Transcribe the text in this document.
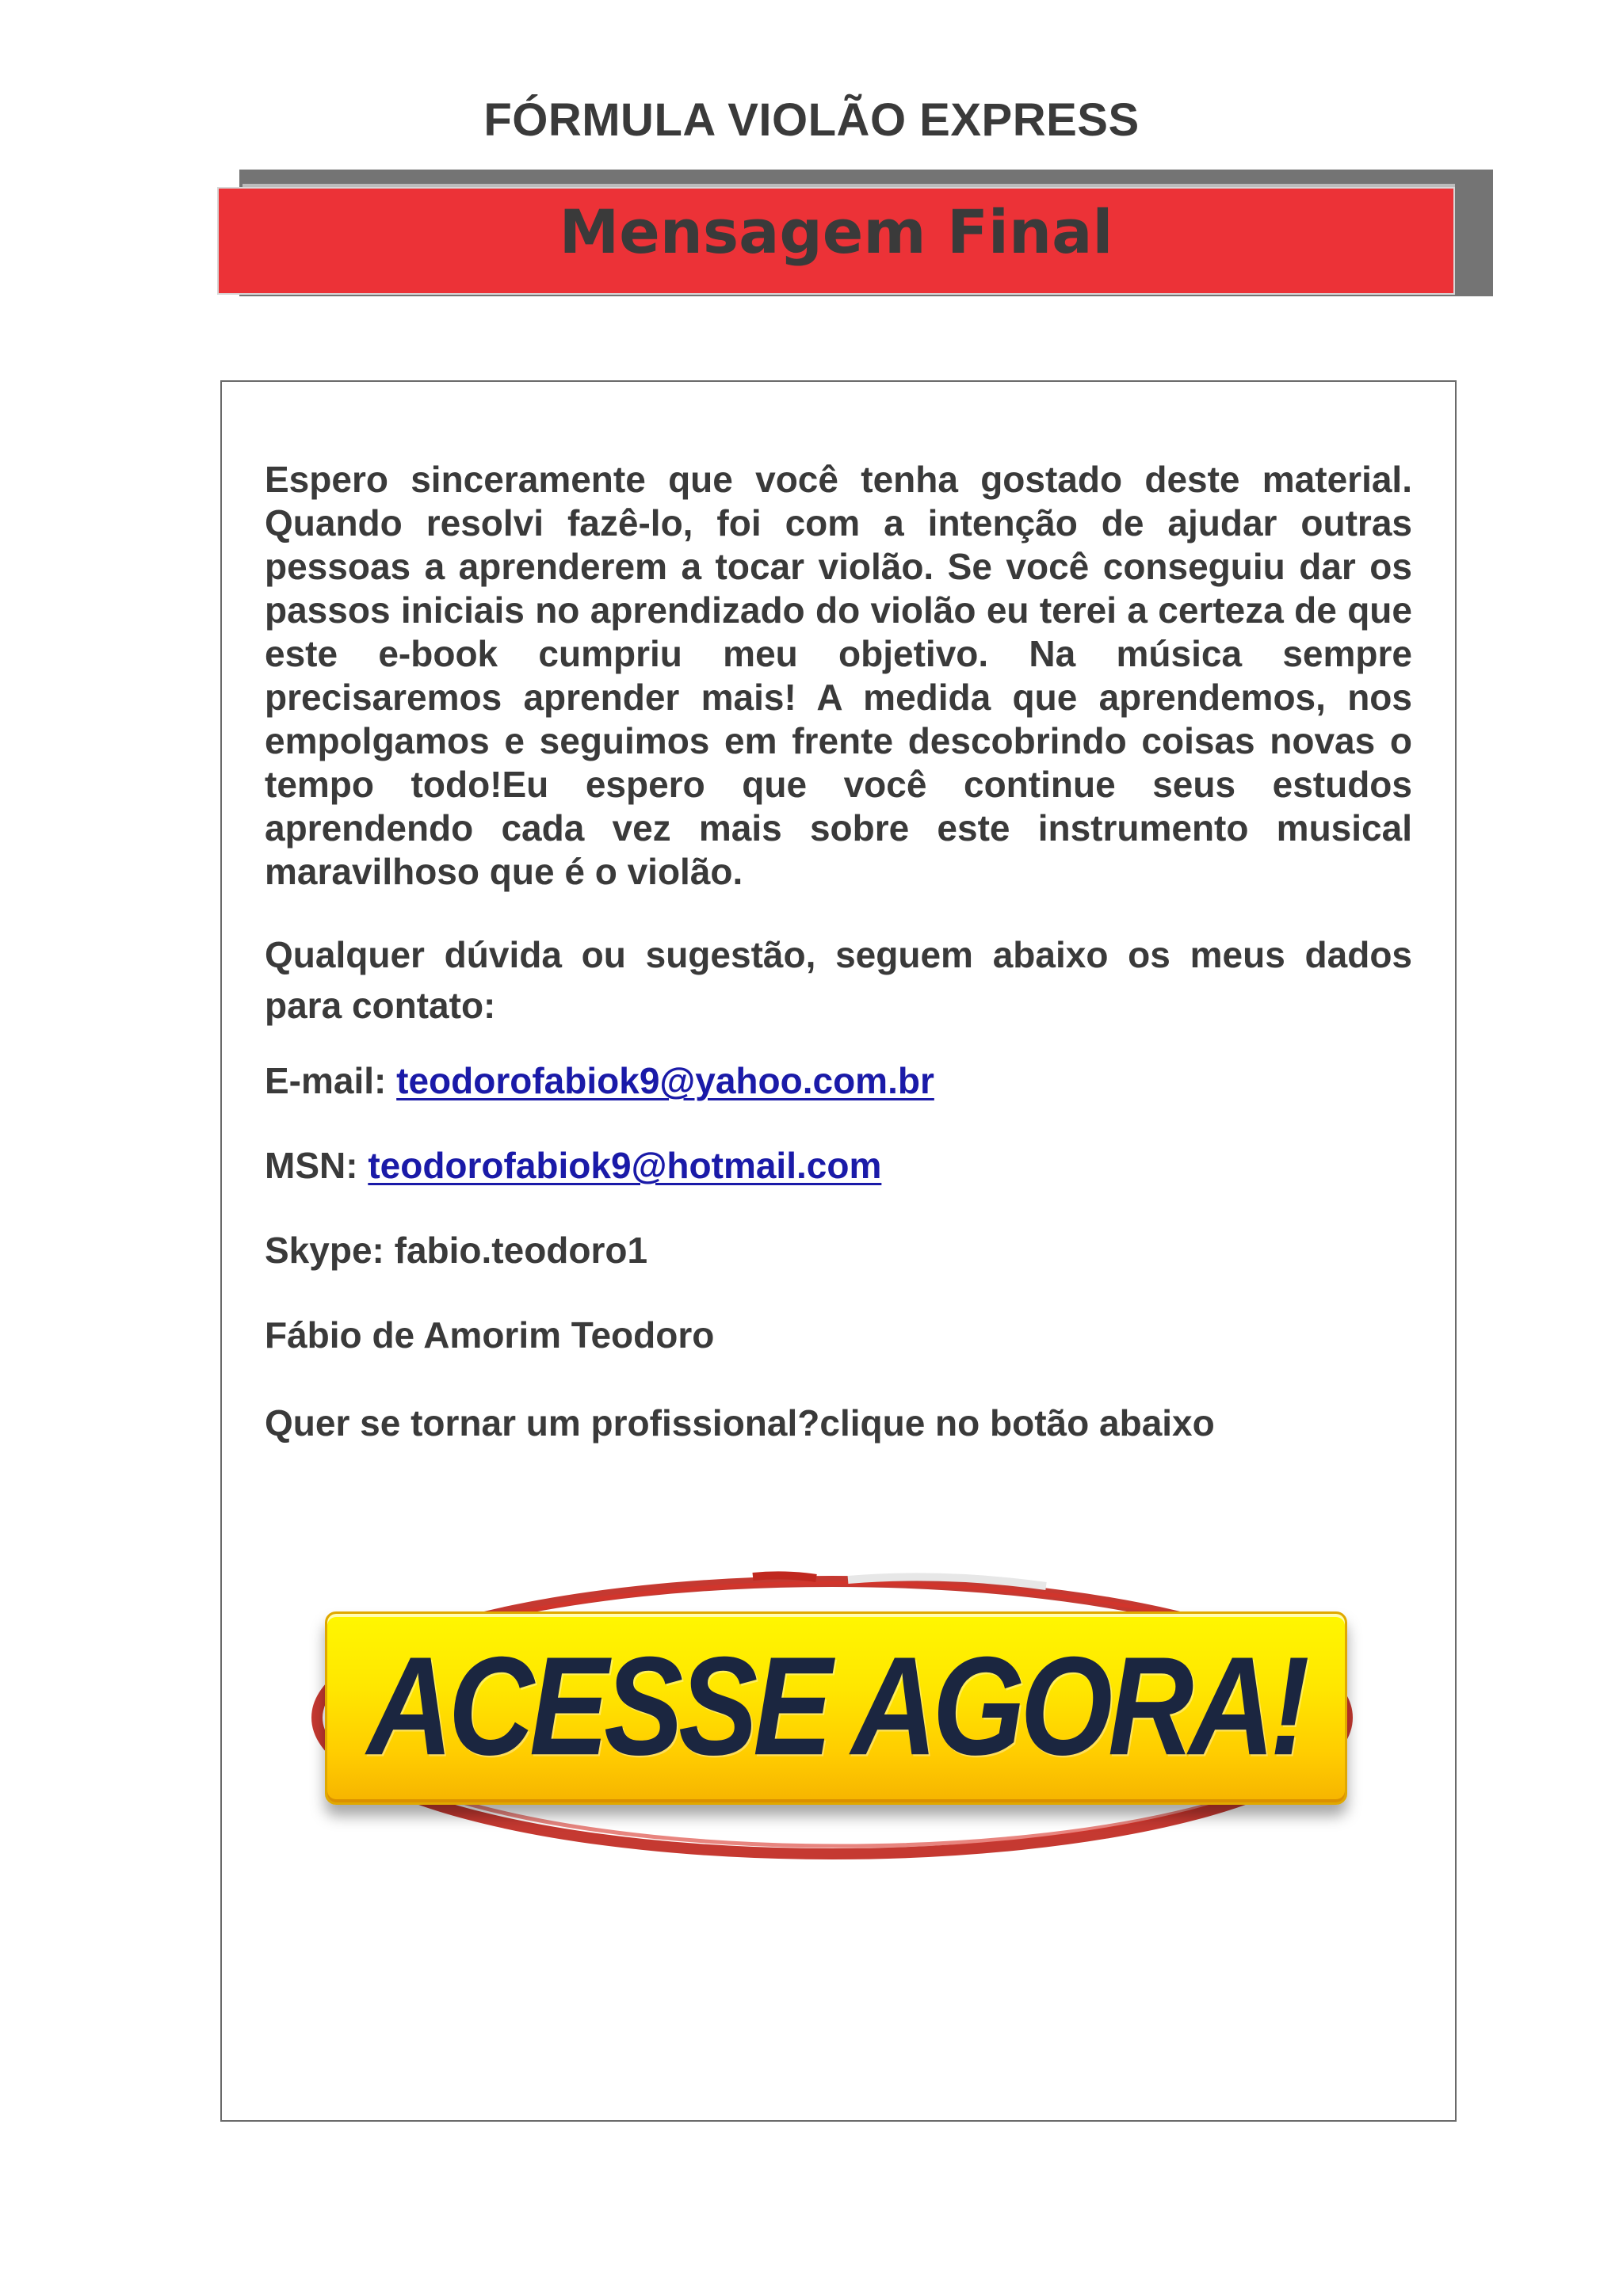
FÓRMULA VIOLÃO EXPRESS
Mensagem Final
Espero sinceramente que você tenha gostado deste material. Quando resolvi fazê-lo, foi com a intenção de ajudar outras pessoas a aprenderem a tocar violão. Se você conseguiu dar os passos iniciais no aprendizado do violão eu terei a certeza de que este e-book cumpriu meu objetivo. Na música sempre precisaremos aprender mais! A medida que aprendemos, nos empolgamos e seguimos em frente descobrindo coisas novas o tempo todo!Eu espero que você continue seus estudos aprendendo cada vez mais sobre este instrumento musical maravilhoso que é o violão.
Qualquer dúvida ou sugestão, seguem abaixo os meus dados para contato:
E-mail: teodorofabiok9@yahoo.com.br
MSN: teodorofabiok9@hotmail.com
Skype: fabio.teodoro1
Fábio de Amorim Teodoro
Quer se tornar um profissional?clique no botão abaixo
ACESSE AGORA!
